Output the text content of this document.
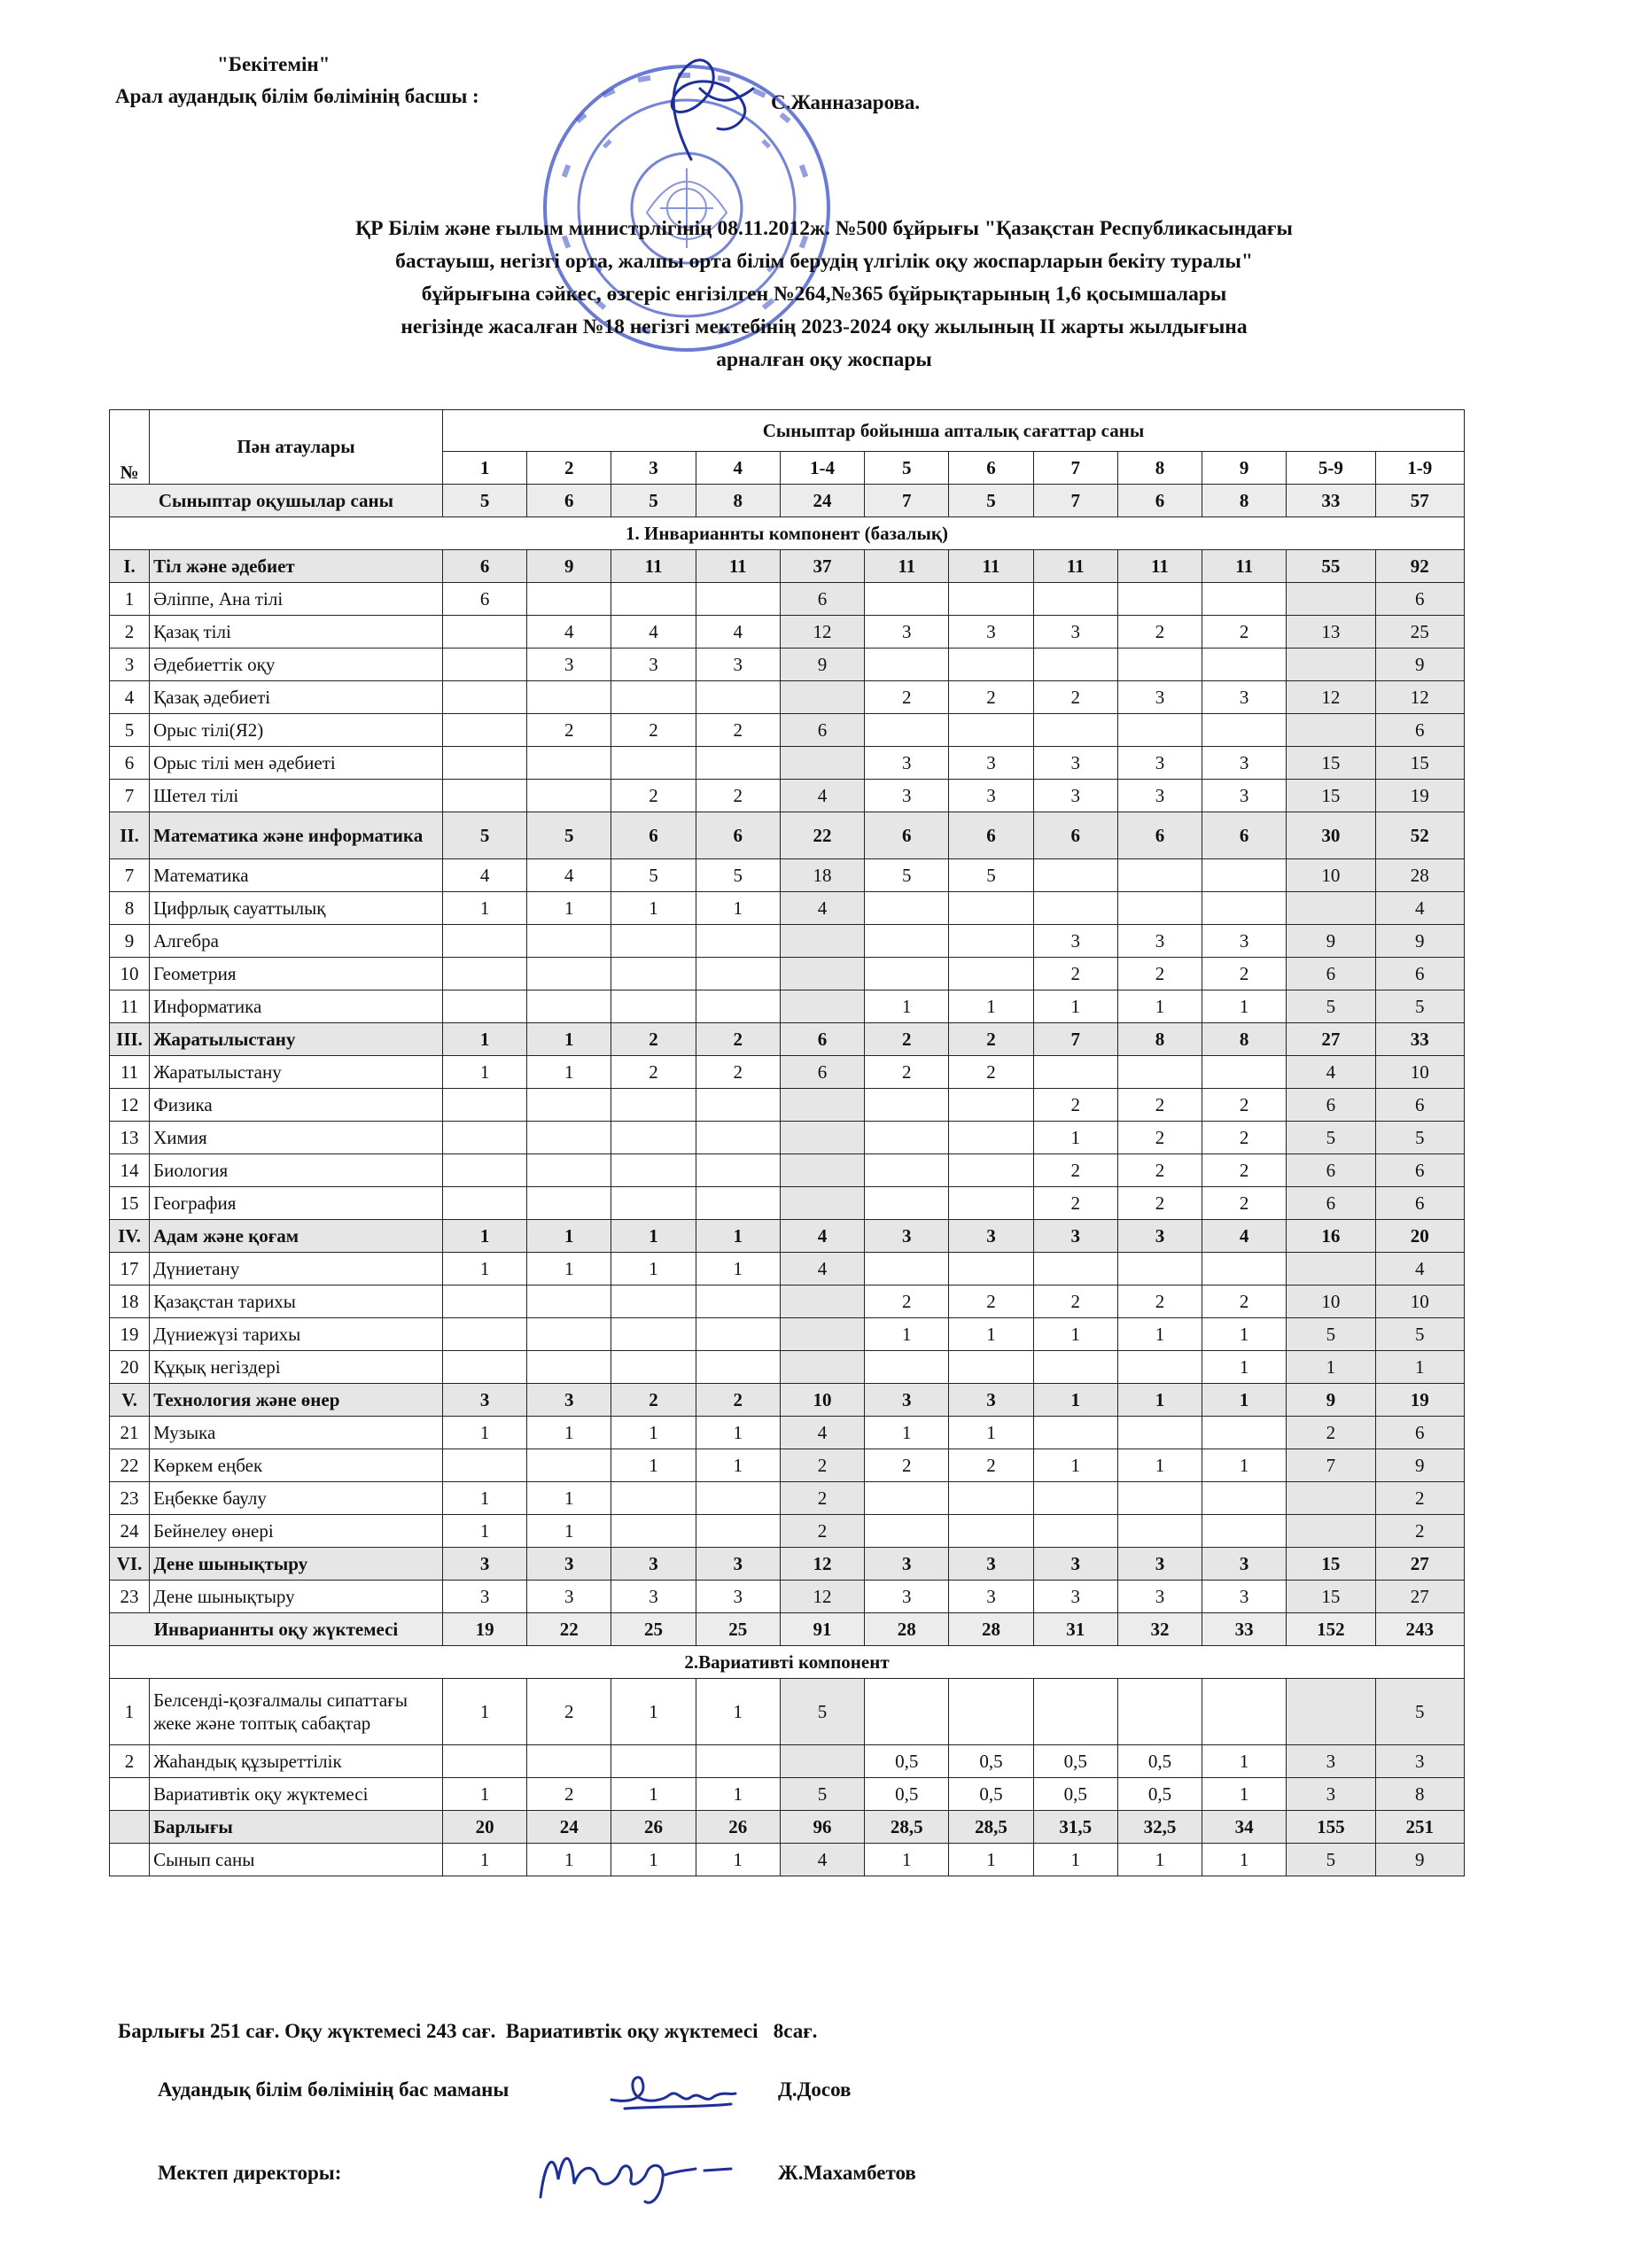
"Бекітемін"
Арал аудандық білім бөлімінің басшы :	С.Жанназарова.
ҚР Білім және ғылым министрлігінің 08.11.2012ж. №500 бұйрығы "Қазақстан Республикасындағы
бастауыш, негізгі орта, жалпы орта білім берудің үлгілік оқу жоспарларын бекіту туралы"
бұйрығына сәйкес, өзгеріс енгізілген №264,№365 бұйрықтарының 1,6 қосымшалары
негізінде жасалған №18 негізгі мектебінің 2023-2024 оқу жылының ІІ жарты жылдығына
арналған оқу жоспары
№	Пән атаулары	Сыныптар бойынша апталық сағаттар саны											
		1	2	3	4	1-4	5	6	7	8	9	5-9	1-9
Сыныптар оқушылар саны		5	6	5	8	24	7	5	7	6	8	33	57
1. Инварианнты компонент (базалық)													
I.	Тіл және әдебиет	6	9	11	11	37	11	11	11	11	11	55	92
1	Әліппе, Ана тілі	6				6							6
2	Қазақ тілі		4	4	4	12	3	3	3	2	2	13	25
3	Әдебиеттік оқу		3	3	3	9							9
4	Қазақ әдебиеті						2	2	2	3	3	12	12
5	Орыс тілі(Я2)		2	2	2	6							6
6	Орыс тілі мен әдебиеті						3	3	3	3	3	15	15
7	Шетел тілі			2	2	4	3	3	3	3	3	15	19
II.	Математика және информатика	5	5	6	6	22	6	6	6	6	6	30	52
7	Математика	4	4	5	5	18	5	5				10	28
8	Цифрлық сауаттылық	1	1	1	1	4							4
9	Алгебра								3	3	3	9	9
10	Геометрия								2	2	2	6	6
11	Информатика						1	1	1	1	1	5	5
III.	Жаратылыстану	1	1	2	2	6	2	2	7	8	8	27	33
11	Жаратылыстану	1	1	2	2	6	2	2				4	10
12	Физика								2	2	2	6	6
13	Химия								1	2	2	5	5
14	Биология								2	2	2	6	6
15	География								2	2	2	6	6
IV.	Адам және қоғам	1	1	1	1	4	3	3	3	3	4	16	20
17	Дүниетану	1	1	1	1	4							4
18	Қазақстан тарихы						2	2	2	2	2	10	10
19	Дүниежүзі тарихы						1	1	1	1	1	5	5
20	Құқық негіздері										1	1	1
V.	Технология және өнер	3	3	2	2	10	3	3	1	1	1	9	19
21	Музыка	1	1	1	1	4	1	1				2	6
22	Көркем еңбек			1	1	2	2	2	1	1	1	7	9
23	Еңбекке баулу	1	1			2							2
24	Бейнелеу өнері	1	1			2							2
VI.	Дене шынықтыру	3	3	3	3	12	3	3	3	3	3	15	27
23	Дене шынықтыру	3	3	3	3	12	3	3	3	3	3	15	27
Инварианнты оқу жүктемесі		19	22	25	25	91	28	28	31	32	33	152	243
2.Вариативті компонент													
1	Белсенді-қозғалмалы сипаттағы жеке және топтық сабақтар	1	2	1	1	5							5
2	Жаһандық құзыреттілік						0,5	0,5	0,5	0,5	1	3	3
	Вариативтік оқу жүктемесі	1	2	1	1	5	0,5	0,5	0,5	0,5	1	3	8
	Барлығы	20	24	26	26	96	28,5	28,5	31,5	32,5	34	155	251
	Сынып саны	1	1	1	1	4	1	1	1	1	1	5	9
Барлығы 251 сағ. Оқу жүктемесі 243 сағ.  Вариативтік оқу жүктемесі   8сағ.
Аудандық білім бөлімінің бас маманы	Д.Досов
Мектеп директоры:	Ж.Махамбетов
